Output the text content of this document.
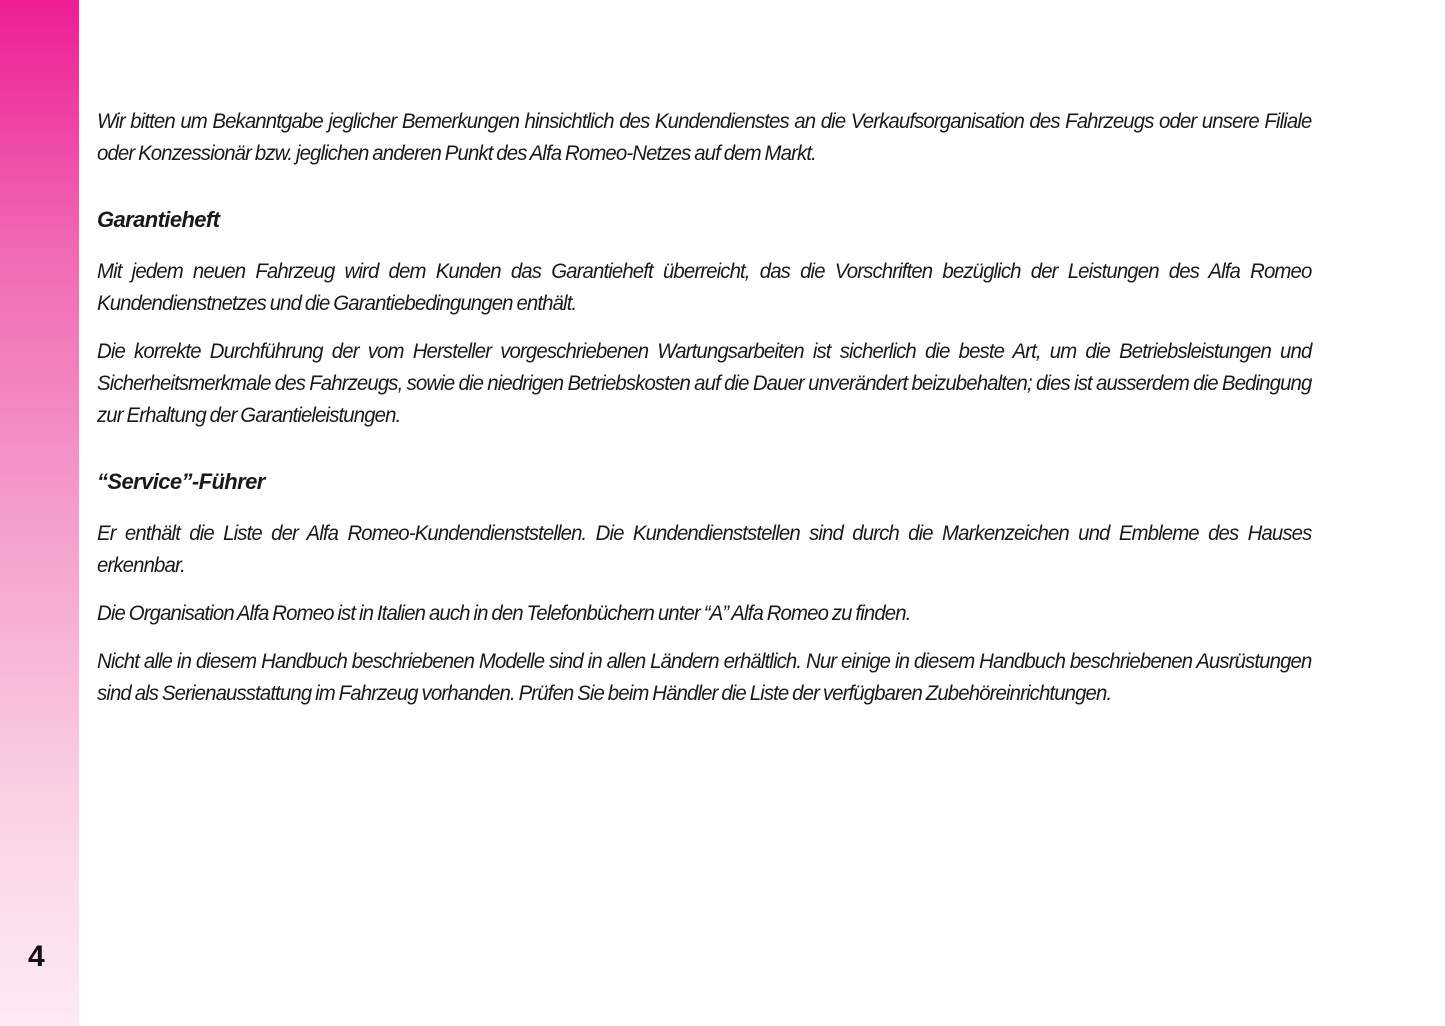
4

Wir bitten um Bekanntgabe jeglicher Bemerkungen hinsichtlich des Kundendienstes an die Verkaufsorganisation des Fahrzeugs oder unsere Filiale oder Konzessionär bzw. jeglichen anderen Punkt des Alfa Romeo-Netzes auf dem Markt.

Garantieheft

Mit jedem neuen Fahrzeug wird dem Kunden das Garantieheft überreicht, das die Vorschriften bezüglich der Leistungen des Alfa Romeo Kundendienstnetzes und die Garantiebedingungen enthält.

Die korrekte Durchführung der vom Hersteller vorgeschriebenen Wartungsarbeiten ist sicherlich die beste Art, um die Betriebsleistungen und Sicherheitsmerkmale des Fahrzeugs, sowie die niedrigen Betriebskosten auf die Dauer unverändert beizubehalten; dies ist ausserdem die Bedingung zur Erhaltung der Garantieleistungen.

“Service”-Führer

Er enthält die Liste der Alfa Romeo-Kundendienststellen. Die Kundendienststellen sind durch die Markenzeichen und Embleme des Hauses erkennbar.

Die Organisation Alfa Romeo ist in Italien auch in den Telefonbüchern unter “A” Alfa Romeo zu finden.

Nicht alle in diesem Handbuch beschriebenen Modelle sind in allen Ländern erhältlich. Nur einige in diesem Handbuch beschriebenen Ausrüstungen sind als Serienausstattung im Fahrzeug vorhanden. Prüfen Sie beim Händler die Liste der verfügbaren Zubehöreinrichtungen.
